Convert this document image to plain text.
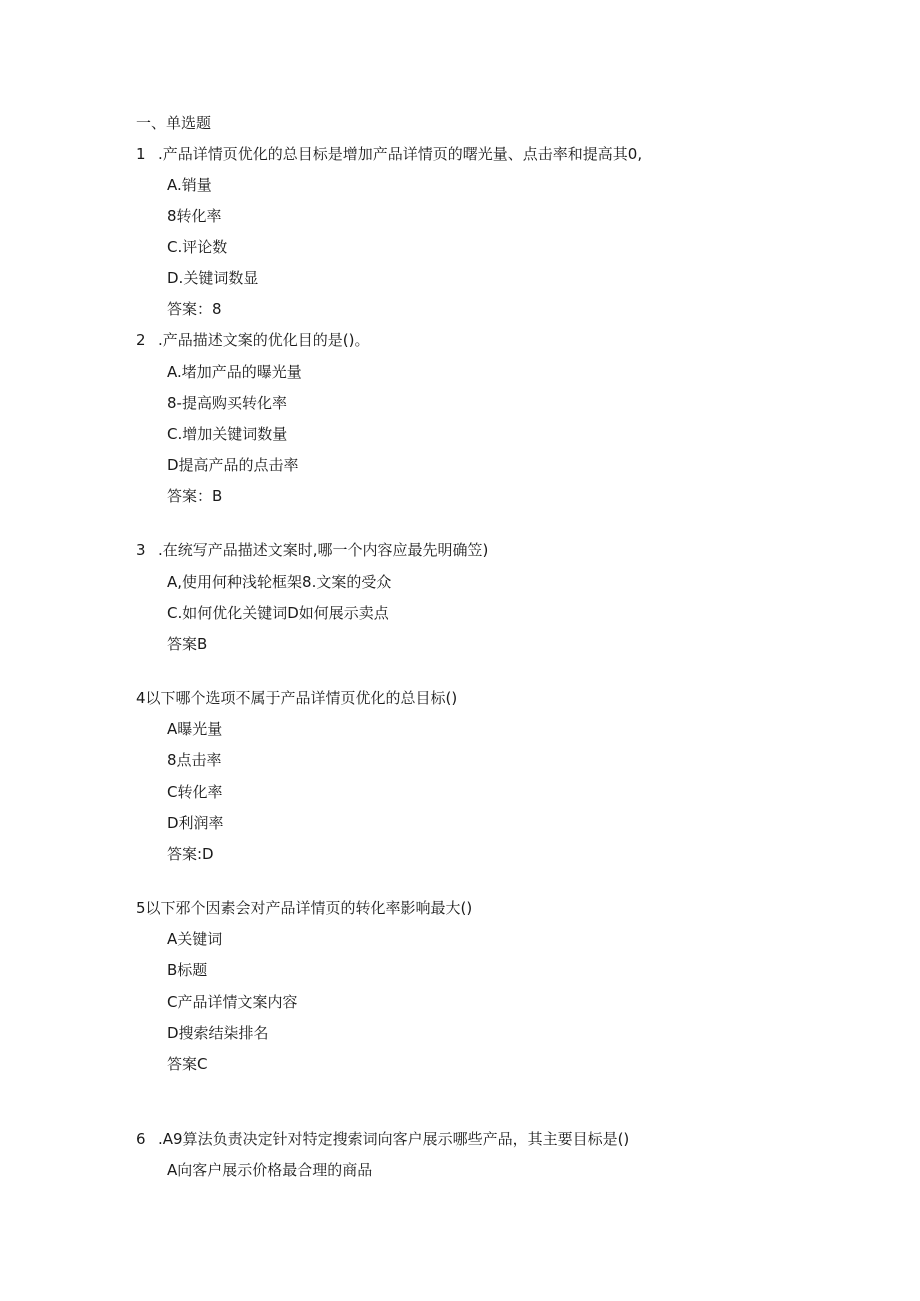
一、单选题
1 .产品详情页优化的总目标是增加产品详情页的曙光量、点击率和提高其0,
A.销量
8转化率
C.评论数
D.关键词数显
答案：8
2 .产品描述文案的优化目的是()。
A.堵加产品的曝光量
8-提高购买转化率
C.增加关键词数量
D提高产品的点击率
答案：B
3 .在统写产品描述文案时,哪一个内容应最先明确笠)
A,使用何种浅轮框架8.文案的受众
C.如何优化关键词D如何展示卖点
答案B
4以下哪个选项不属于产品详情页优化的总目标()
A曝光量
8点击率
C转化率
D利润率
答案:D
5以下邪个因素会对产品详情页的转化率影响最大()
A关键词
B标题
C产品详情文案内容
D搜索结柒排名
答案C
6 .A9算法负责决定针对特定搜索词向客户展示哪些产品，其主要目标是()
A向客户展示价格最合理的商品
